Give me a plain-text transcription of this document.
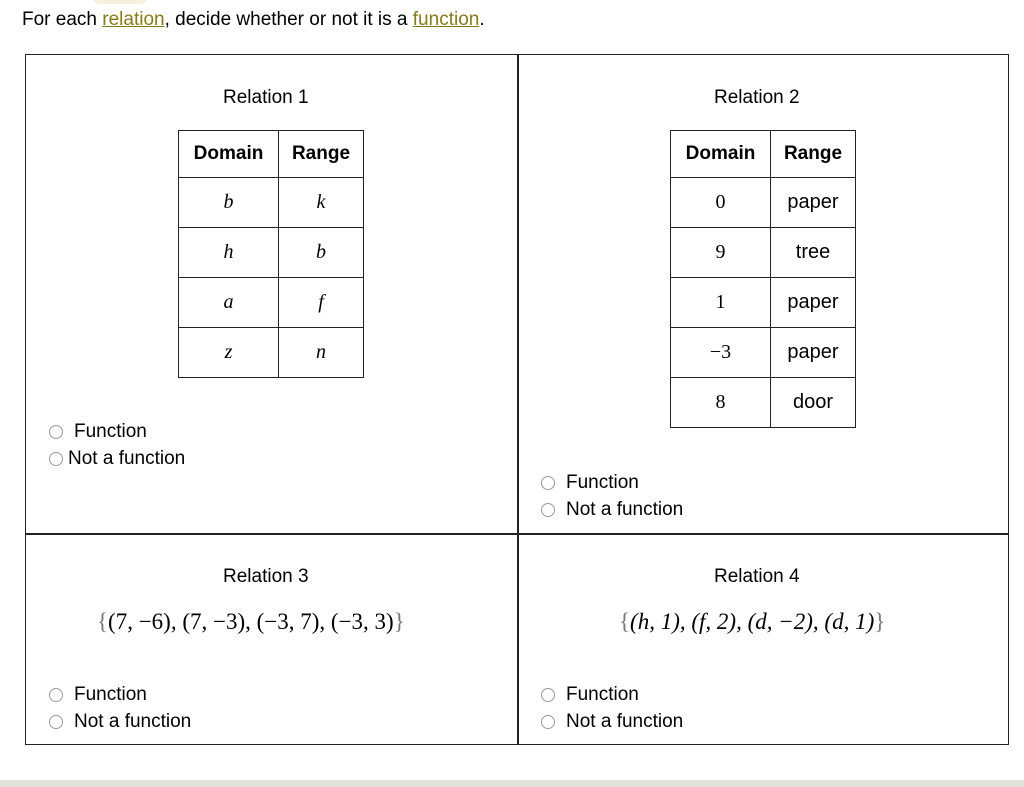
For each relation, decide whether or not it is a function.
Relation 1
Domain	Range
b	k
h	b
a	f
z	n
Function
Not a function
Relation 2
Domain	Range
0	paper
9	tree
1	paper
−3	paper
8	door
Function
Not a function
Relation 3
{(7, −6), (7, −3), (−3, 7), (−3, 3)}
Function
Not a function
Relation 4
{(h, 1), (f, 2), (d, −2), (d, 1)}
Function
Not a function
